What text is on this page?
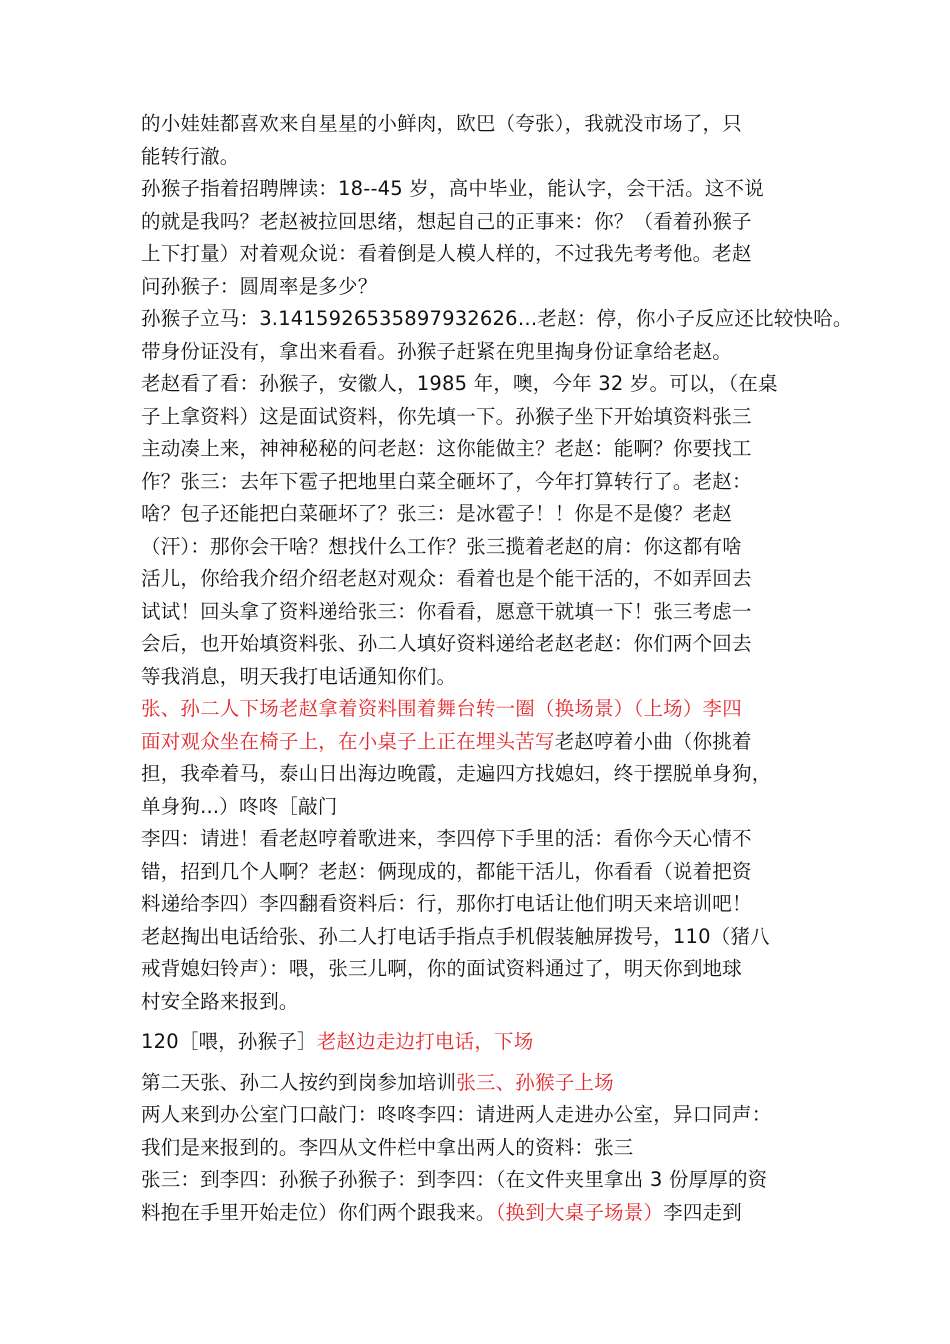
的小娃娃都喜欢来自星星的小鲜肉，欧巴（夸张），我就没市场了，只
能转行澈。
孙猴子指着招聘牌读：18--45 岁，高中毕业，能认字，会干活。这不说
的就是我吗？老赵被拉回思绪，想起自己的正事来：你？（看着孙猴子
上下打量）对着观众说：看着倒是人模人样的，不过我先考考他。老赵
问孙猴子：圆周率是多少？
孙猴子立马：3.141592653589793262​6…老赵：停，你小子反应还比较快哈。
带身份证没有，拿出来看看。孙猴子赶紧在兜里掏身份证拿给老赵。
老赵看了看：孙猴子，安徽人，1985 年，噢，今年 32 岁。可以，（在桌
子上拿资料）这是面试资料，你先填一下。孙猴子坐下开始填资料张三
主动凑上来，神神秘秘的问老赵：这你能做主？老赵：能啊？你要找工
作？张三：去年下雹子把地里白菜全砸坏了，今年打算转行了。老赵：
啥？包子还能把白菜砸坏了？张三：是冰雹子！！你是不是傻？老赵
（汗）：那你会干啥？想找什么工作？张三揽着老赵的肩：你这都有啥
活儿，你给我介绍介绍老赵对观众：看着也是个能干活的，不如弄回去
试试！回头拿了资料递给张三：你看看，愿意干就填一下！张三考虑一
会后，也开始填资料张、孙二人填好资料递给老赵老赵：你们两个回去
等我消息，明天我打电话通知你们。
张、孙二人下场老赵拿着资料围着舞台转一圈（换场景）（上场）李四
面对观众坐在椅子上，在小桌子上正在埋头苦写老赵哼着小曲（你挑着
担，我牵着马，泰山日出海边晚霞，走遍四方找媳妇，终于摆脱单身狗，
单身狗...）咚咚［敲门
李四：请进！看老赵哼着歌进来，李四停下手里的活：看你今天心情不
错，招到几个人啊？老赵：俩现成的，都能干活儿，你看看（说着把资
料递给李四）李四翻看资料后：行，那你打电话让他们明天来培训吧！
老赵掏出电话给张、孙二人打电话手指点手机假装触屏拨号，110（猪八
戒背媳妇铃声）：喂，张三儿啊，你的面试资料通过了，明天你到地球
村安全路来报到。
120［喂，孙猴子］老赵边走边打电话，下场
第二天张、孙二人按约到岗参加培训张三、孙猴子上场
两人来到办公室门口敲门：咚咚李四：请进两人走进办公室，异口同声：
我们是来报到的。李四从文件栏中拿出两人的资料：张三
张三：到李四：孙猴子孙猴子：到李四：（在文件夹里拿出 3 份厚厚的资
料抱在手里开始走位）你们两个跟我来。（换到大桌子场景）李四走到
